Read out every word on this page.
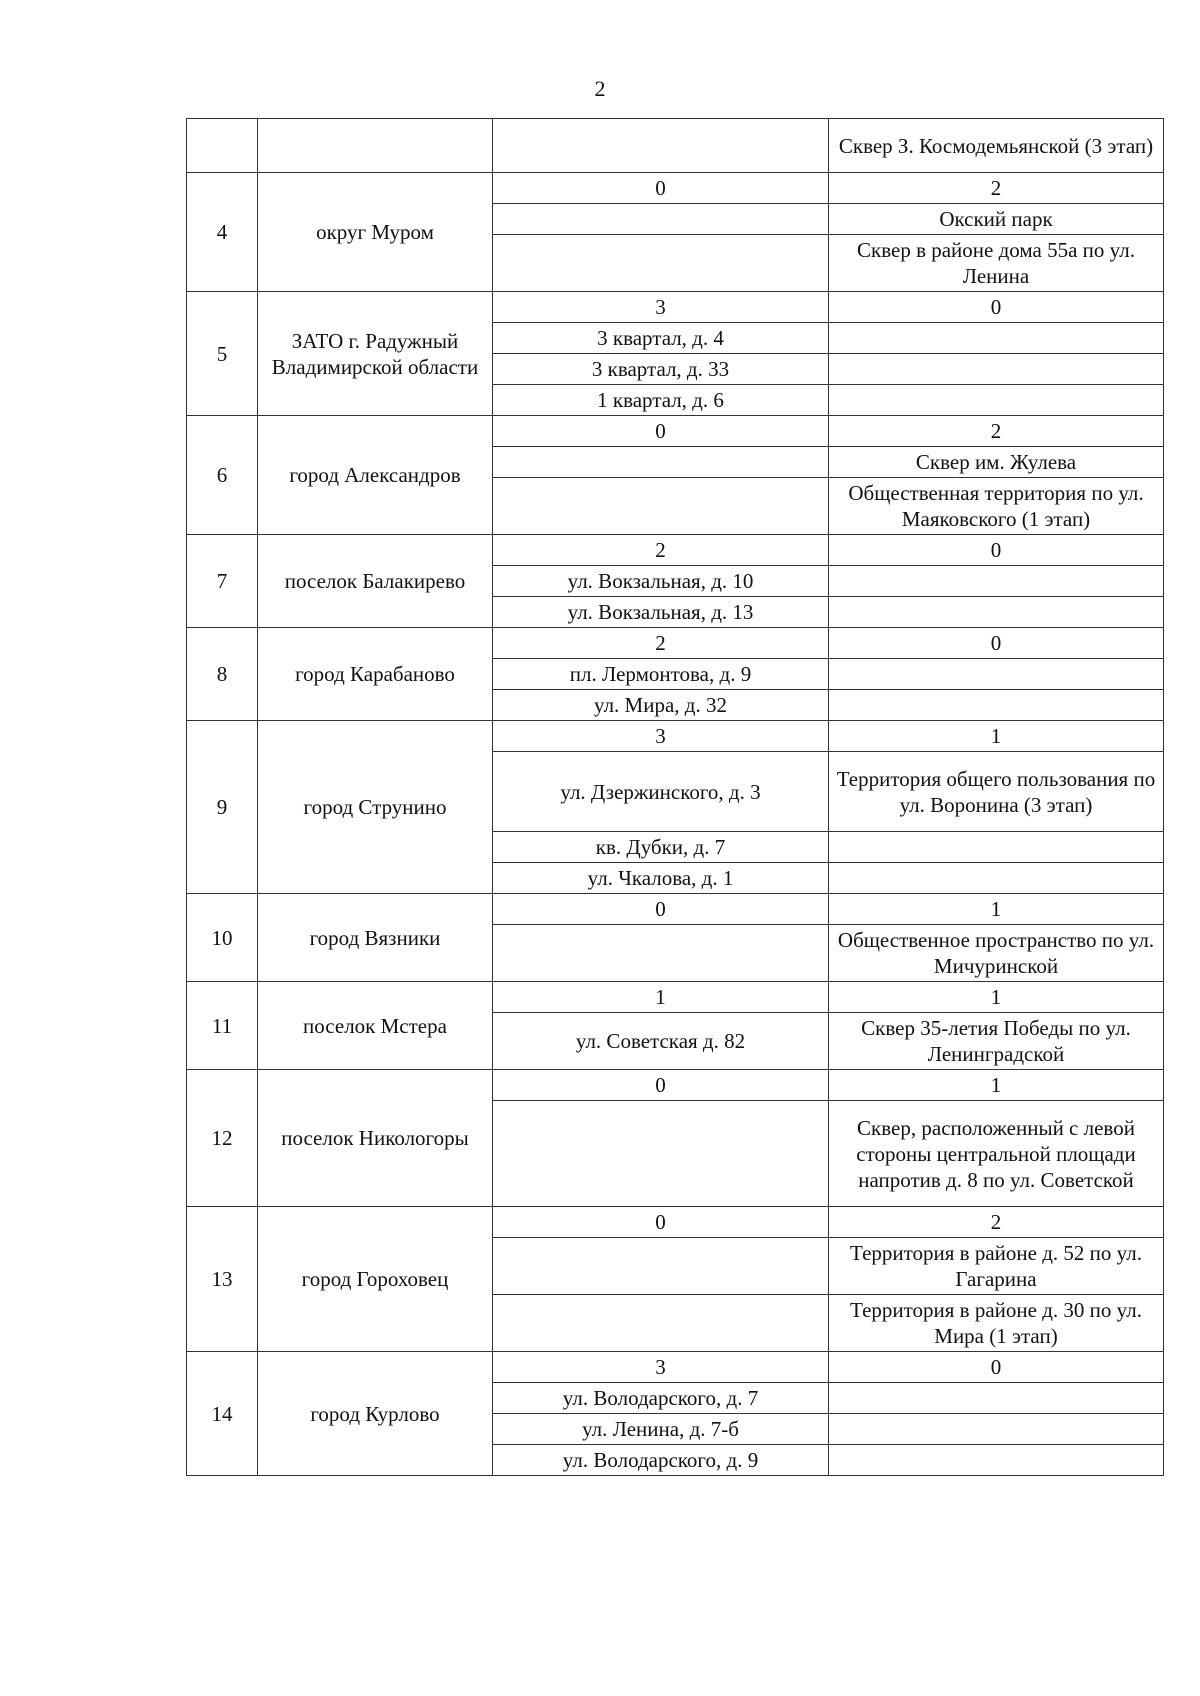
2
			Сквер З. Космодемьянской (3 этап)
4	округ Муром	0	2
			Окский парк
			Сквер в районе дома 55а по ул. Ленина
5	ЗАТО г. Радужный Владимирской области	3	0
		3 квартал, д. 4	
		3 квартал, д. 33	
		1 квартал, д. 6	
6	город Александров	0	2
			Сквер им. Жулева
			Общественная территория по ул. Маяковского (1 этап)
7	поселок Балакирево	2	0
		ул. Вокзальная, д. 10	
		ул. Вокзальная, д. 13	
8	город Карабаново	2	0
		пл. Лермонтова, д. 9	
		ул. Мира, д. 32	
9	город Струнино	3	1
		ул. Дзержинского, д. 3	Территория общего пользования по ул. Воронина (3 этап)
		кв. Дубки, д. 7	
		ул. Чкалова, д. 1	
10	город Вязники	0	1
			Общественное пространство по ул. Мичуринской
11	поселок Мстера	1	1
		ул. Советская д. 82	Сквер 35-летия Победы по ул. Ленинградской
12	поселок Никологоры	0	1
			Сквер, расположенный с левой стороны центральной площади напротив д. 8 по ул. Советской
13	город Гороховец	0	2
			Территория в районе д. 52 по ул. Гагарина
			Территория в районе д. 30 по ул. Мира (1 этап)
14	город Курлово	3	0
		ул. Володарского, д. 7	
		ул. Ленина, д. 7-б	
		ул. Володарского, д. 9	
